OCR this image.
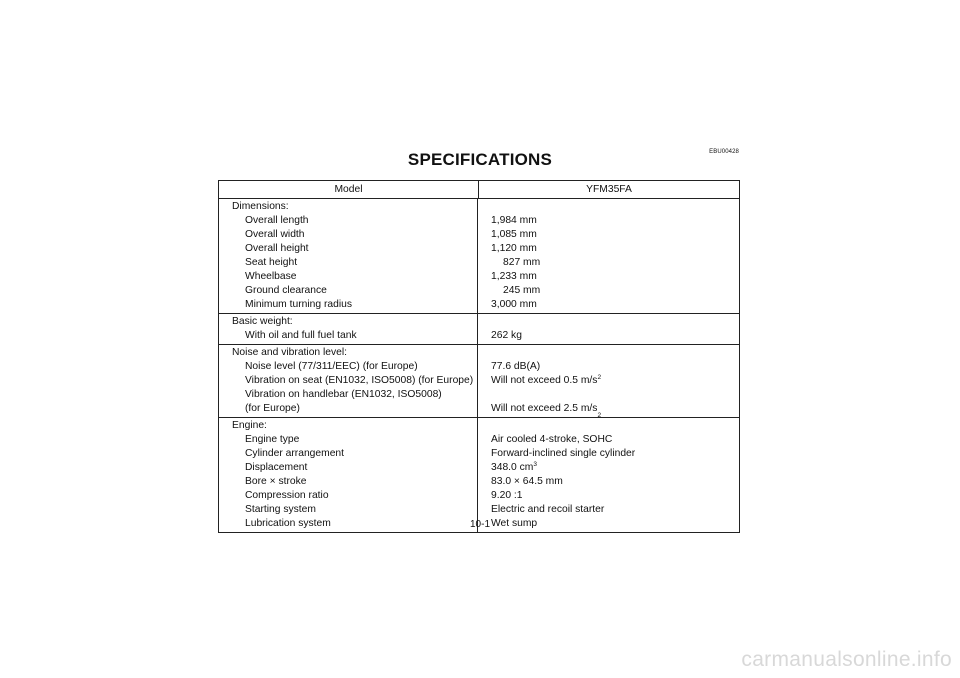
EBU00428
SPECIFICATIONS
Model	YFM35FA
Dimensions:
Overall length
Overall width
Overall height
Seat height
Wheelbase
Ground clearance
Minimum turning radius
1,984 mm
1,085 mm
1,120 mm
827 mm
1,233 mm
245 mm
3,000 mm
Basic weight:
With oil and full fuel tank	262 kg
Noise and vibration level:
Noise level (77/311/EEC) (for Europe)
Vibration on seat (EN1032, ISO5008) (for Europe)
Vibration on handlebar (EN1032, ISO5008)
(for Europe)
77.6 dB(A)
Will not exceed 0.5 $m/s^2$
Will not exceed 2.5 m/s
2
Engine:
Engine type
Cylinder arrangement
Displacement
Bore × stroke
Compression ratio
Starting system
Lubrication system
Air cooled 4-stroke, SOHC
Forward-inclined single cylinder
348.0 $cm^3$
83.0 × 64.5 mm
9.20 :1
Electric and recoil starter
Wet sump
10-1
carmanualsonline.info
